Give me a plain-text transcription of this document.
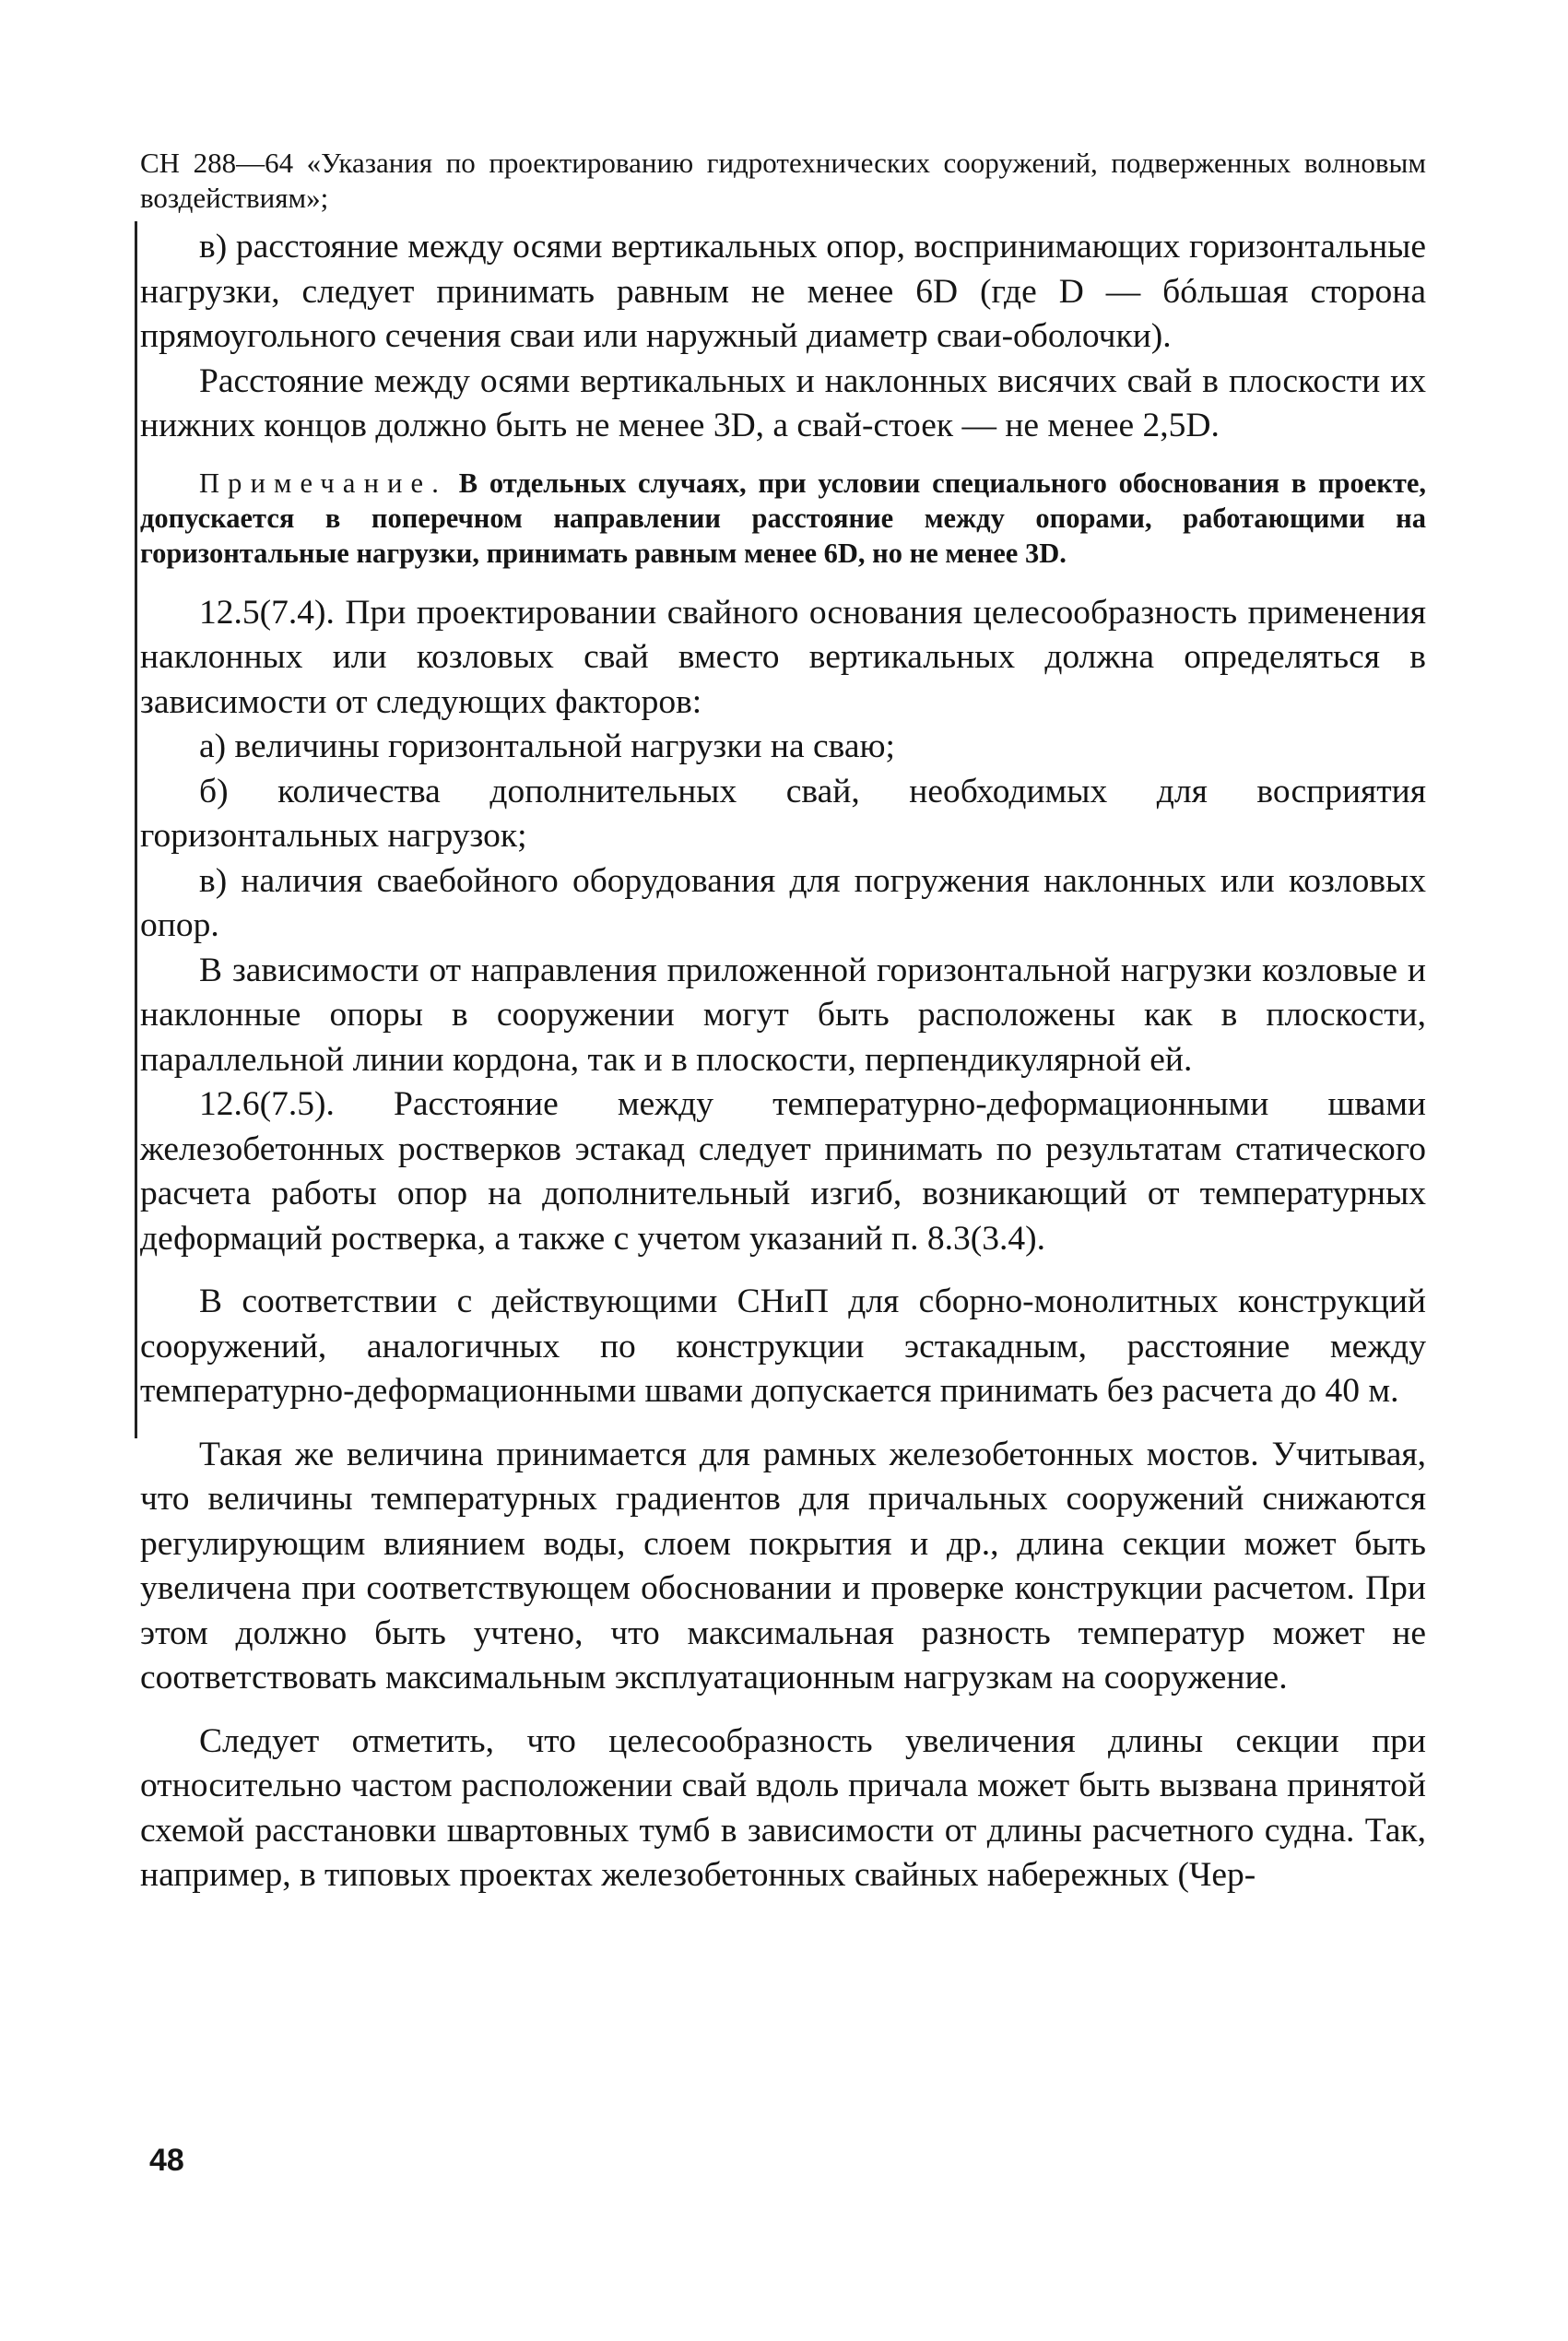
СН 288—64 «Указания по проектированию гидротехнических сооружений, подверженных волновым воздействиям»;

в) расстояние между осями вертикальных опор, воспринимающих горизонтальные нагрузки, следует принимать равным не менее 6D (где D — бóльшая сторона прямоугольного сечения сваи или наружный диаметр сваи-оболочки).

Расстояние между осями вертикальных и наклонных висячих свай в плоскости их нижних концов должно быть не менее 3D, а свай-стоек — не менее 2,5D.

Примечание. В отдельных случаях, при условии специального обоснования в проекте, допускается в поперечном направлении расстояние между опорами, работающими на горизонтальные нагрузки, принимать равным менее 6D, но не менее 3D.

12.5(7.4). При проектировании свайного основания целесообразность применения наклонных или козловых свай вместо вертикальных должна определяться в зависимости от следующих факторов:

а) величины горизонтальной нагрузки на сваю;

б) количества дополнительных свай, необходимых для восприятия горизонтальных нагрузок;

в) наличия сваебойного оборудования для погружения наклонных или козловых опор.

В зависимости от направления приложенной горизонтальной нагрузки козловые и наклонные опоры в сооружении могут быть расположены как в плоскости, параллельной линии кордона, так и в плоскости, перпендикулярной ей.

12.6(7.5). Расстояние между температурно-деформационными швами железобетонных ростверков эстакад следует принимать по результатам статического расчета работы опор на дополнительный изгиб, возникающий от температурных деформаций ростверка, а также с учетом указаний п. 8.3(3.4).

В соответствии с действующими СНиП для сборно-монолитных конструкций сооружений, аналогичных по конструкции эстакадным, расстояние между температурно-деформационными швами допускается принимать без расчета до 40 м.

Такая же величина принимается для рамных железобетонных мостов. Учитывая, что величины температурных градиентов для причальных сооружений снижаются регулирующим влиянием воды, слоем покрытия и др., длина секции может быть увеличена при соответствующем обосновании и проверке конструкции расчетом. При этом должно быть учтено, что максимальная разность температур может не соответствовать максимальным эксплуатационным нагрузкам на сооружение.

Следует отметить, что целесообразность увеличения длины секции при относительно частом расположении свай вдоль причала может быть вызвана принятой схемой расстановки швартовных тумб в зависимости от длины расчетного судна. Так, например, в типовых проектах железобетонных свайных набережных (Чер-

48
